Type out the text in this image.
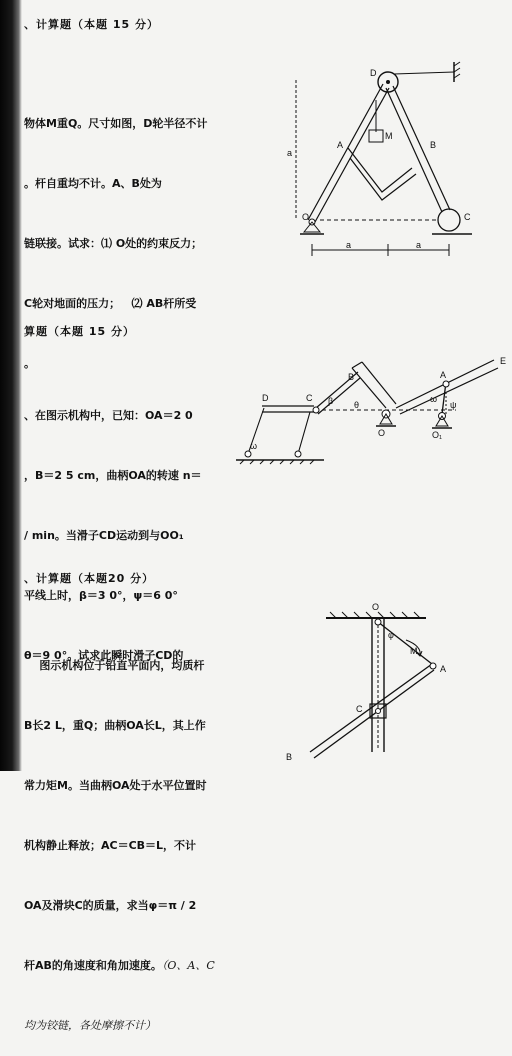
、计算题（本题 15 分）

物体M重Q。尺寸如图，D轮半径不计

。杆自重均不计。A、B处为

链联接。试求：⑴ O处的约束反力；

C轮对地面的压力；   ⑵ AB杆所受

。

D
M
A	B
O	C
a
a	a
算题（本题 15 分）

、在图示机构中，已知：OA＝2 0

，B＝2 5 cm，曲柄OA的转速 n＝

/ min。当滑子CD运动到与OO₁

平线上时，β＝3 0°，ψ＝6 0°

θ＝9 0°。试求此瞬时滑子CD的

D	C
ω
β θ
B
O
E
A
ψ
ω
O₁
、计算题（本题20 分）

图示机构位于铅直平面内，均质杆

B长2 L，重Q；曲柄OA长L，其上作

常力矩M。当曲柄OA处于水平位置时

机构静止释放；AC＝CB＝L，不计

OA及滑块C的质量，求当φ＝π / 2

杆AB的角速度和角加速度。（O、A、C

均为铰链，各处摩擦不计）

O
φ
M
A
C
B
